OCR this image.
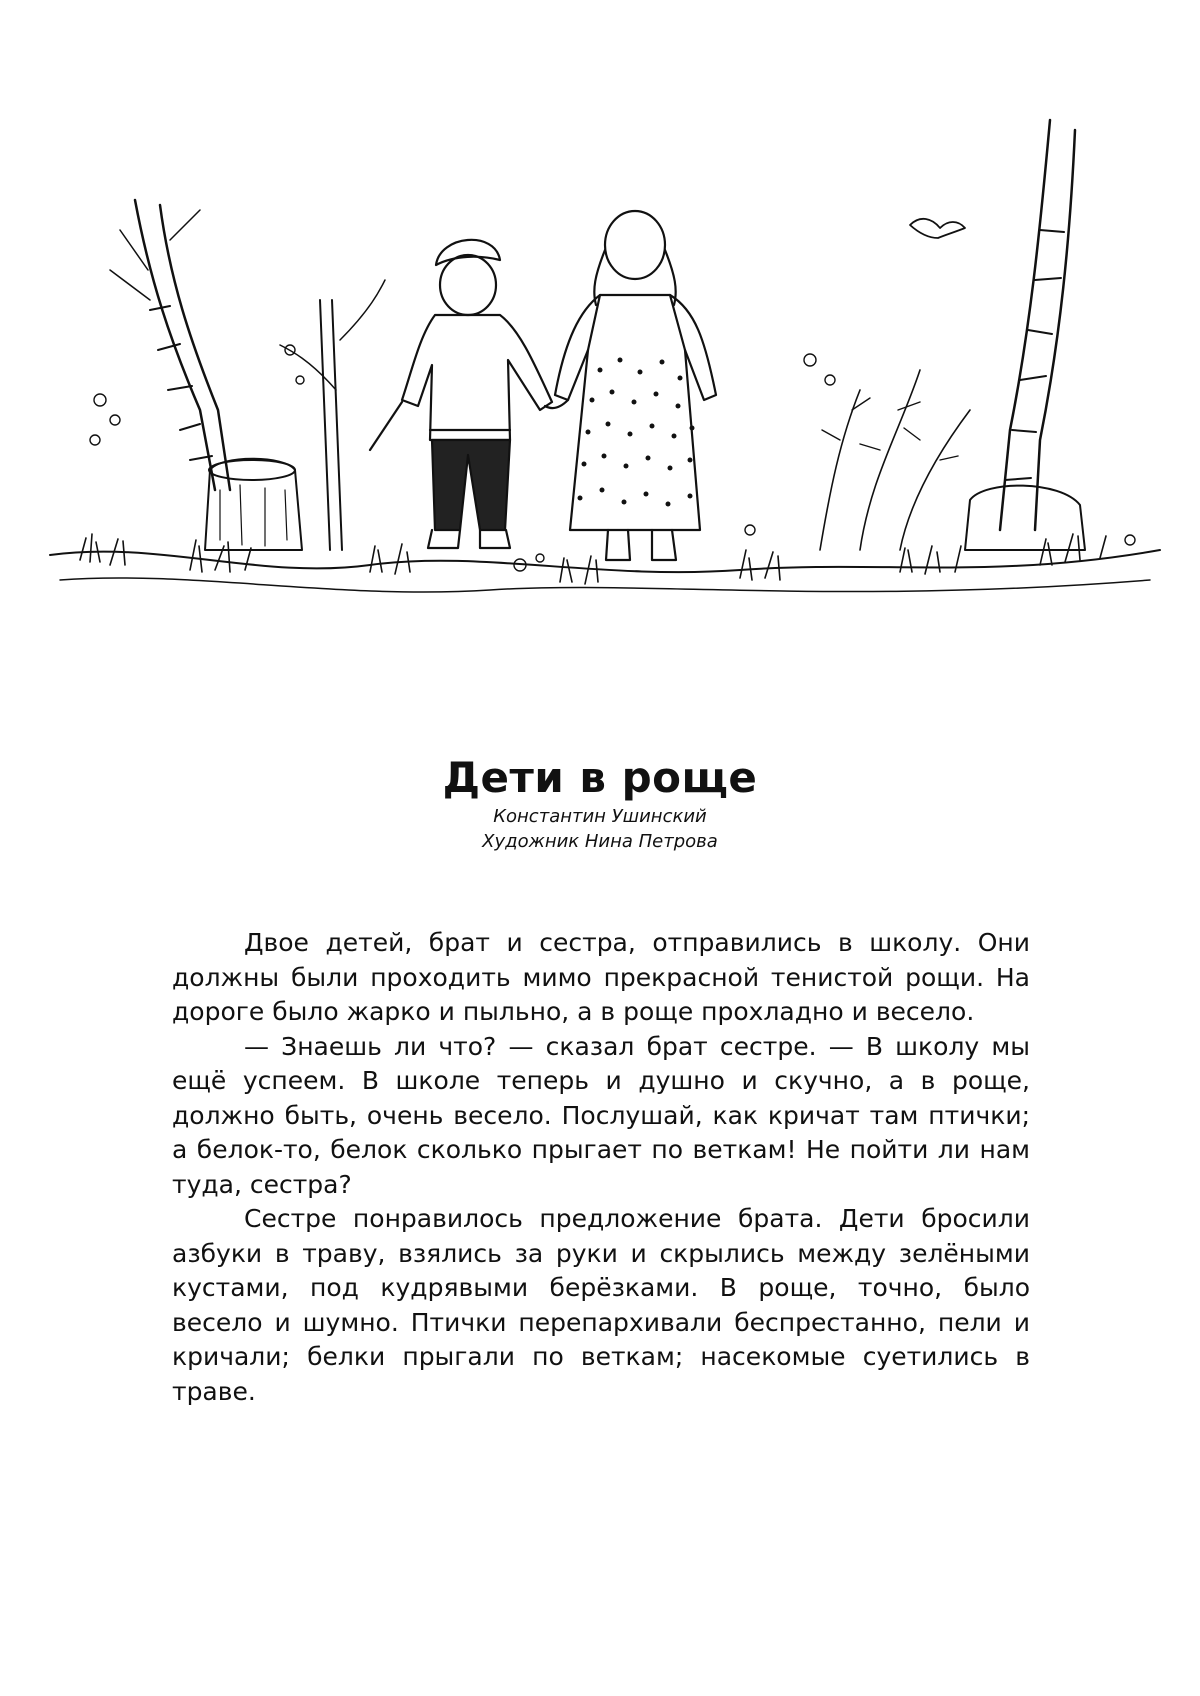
Дети в роще

Константин Ушинский

Художник Нина Петрова

Двое детей, брат и сестра, отправились в школу. Они должны были проходить мимо прекрасной тенистой рощи. На дороге было жарко и пыльно, а в роще прохладно и весело.

— Знаешь ли что? — сказал брат сестре. — В школу мы ещё успеем. В школе теперь и душно и скучно, а в роще, должно быть, очень весело. Послушай, как кричат там птички; а белок-то, белок сколько прыгает по веткам! Не пойти ли нам туда, сестра?

Сестре понравилось предложение брата. Дети бросили азбуки в траву, взялись за руки и скрылись между зелёными кустами, под кудрявыми берёзками. В роще, точно, было весело и шумно. Птички перепархивали беспрестанно, пели и кричали; белки прыгали по веткам; насекомые суетились в траве.
